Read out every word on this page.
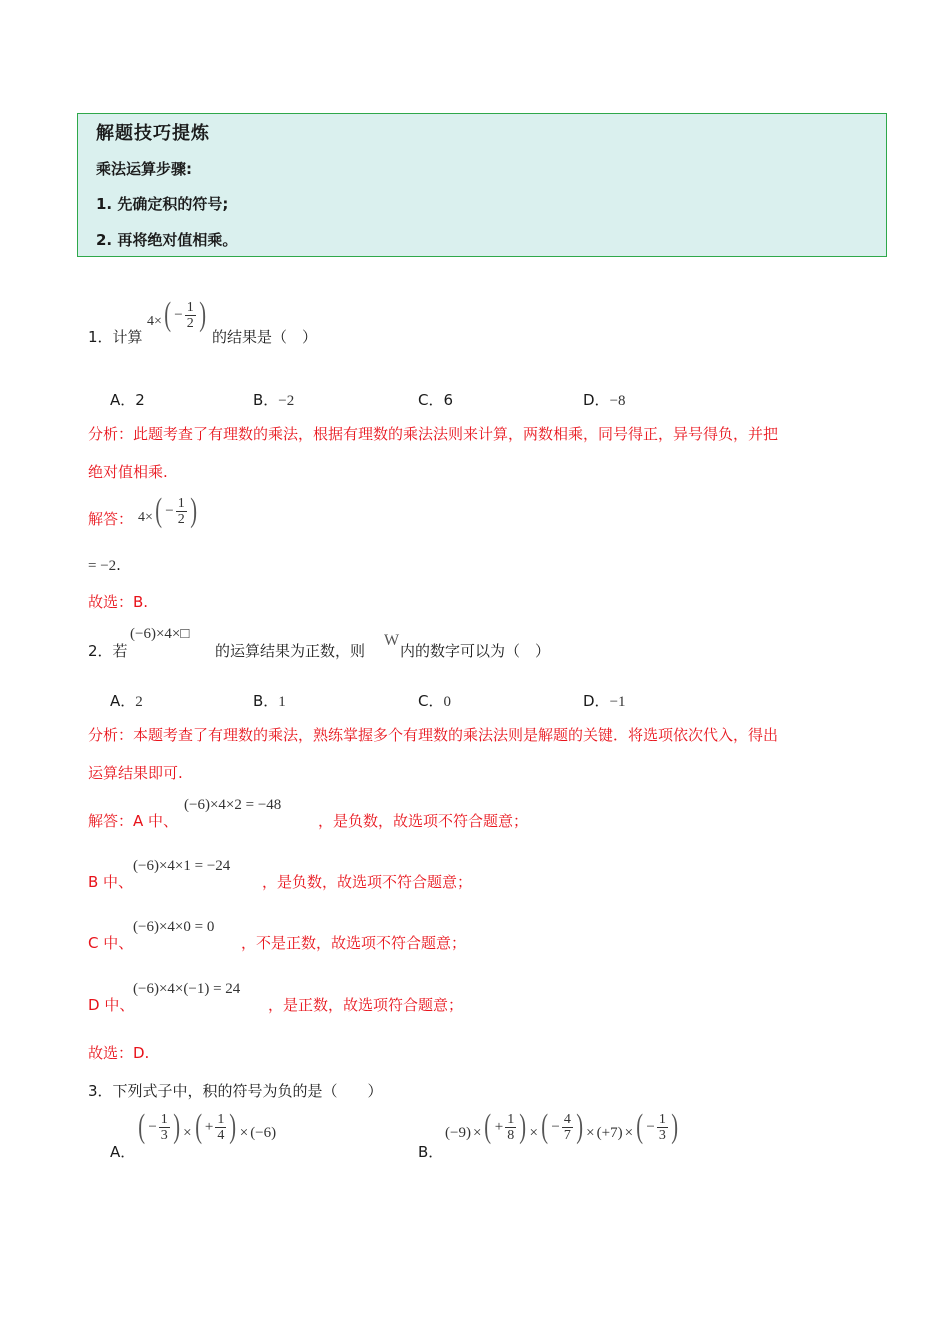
解题技巧提炼
乘法运算步骤:
1. 先确定积的符号;
2. 再将绝对值相乘。
1．计算
4× ( − $\frac{1}{2}$ )
的结果是（　）
A．2	B．−2	C．6	D．−8
分析：此题考查了有理数的乘法，根据有理数的乘法法则来计算，两数相乘，同号得正，异号得负，并把
绝对值相乘.
解答： 4× ( − $\frac{1}{2}$ )
= −2.
故选：B.
2．若
(−6)×4×□
的运算结果为正数，则
W
内的数字可以为（　）
A．2	B．1	C．0	D．−1
分析：本题考查了有理数的乘法，熟练掌握多个有理数的乘法法则是解题的关键．将选项依次代入，得出
运算结果即可.
解答：A 中、
(−6)×4×2 = −48
，是负数，故选项不符合题意；
B 中、
(−6)×4×1 = −24
，是负数，故选项不符合题意；
C 中、
(−6)×4×0 = 0
，不是正数，故选项不符合题意；
D 中、
(−6)×4×(−1) = 24
，是正数，故选项符合题意；
故选：D.
3．下列式子中，积的符号为负的是（　　）
A．
( − $\frac{1}{3}$ ) × ( + $\frac{1}{4}$ ) × (−6)
B．
(−9) × ( + $\frac{1}{8}$ ) × ( − $\frac{4}{7}$ ) × (+7) × ( − $\frac{1}{3}$ )
